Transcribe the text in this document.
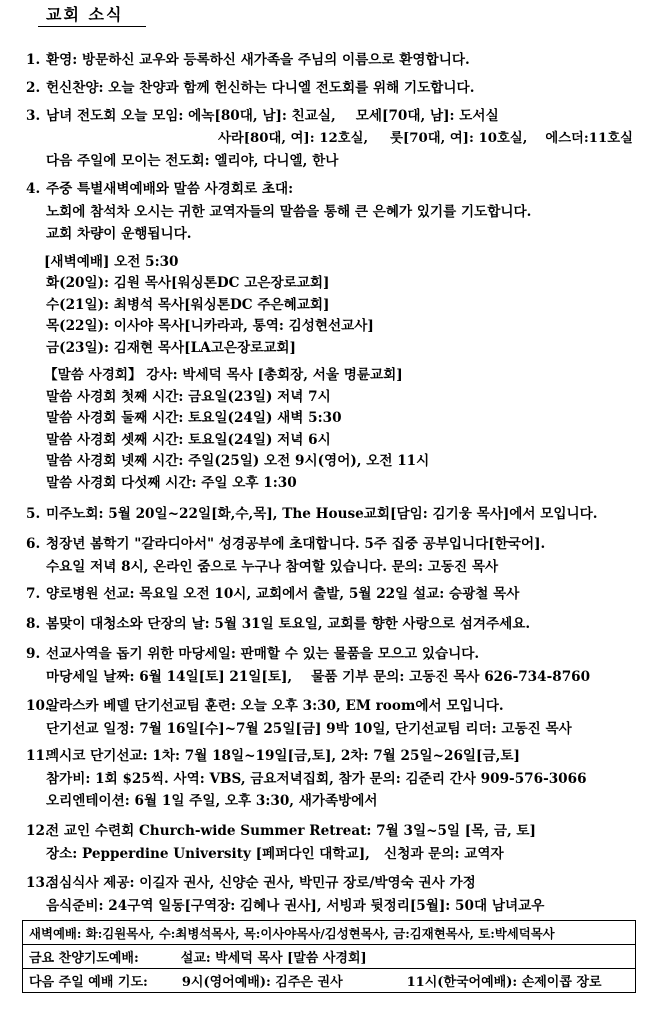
교회 소식
1. 환영: 방문하신 교우와 등록하신 새가족을 주님의 이름으로 환영합니다.
2. 헌신찬양: 오늘 찬양과 함께 헌신하는 다니엘 전도회를 위해 기도합니다.
3. 남녀 전도회 오늘 모임: 에녹[80대, 남]: 친교실, 모세[70대, 남]: 도서실
사라[80대, 여]: 12호실, 룻[70대, 여]: 10호실, 에스더:11호실
다음 주일에 모이는 전도회: 엘리야, 다니엘, 한나
4. 주중 특별새벽예배와 말씀 사경회로 초대:
노회에 참석차 오시는 귀한 교역자들의 말씀을 통해 큰 은혜가 있기를 기도합니다.
교회 차량이 운행됩니다.
[새벽예배] 오전 5:30
화(20일): 김원 목사[워싱톤DC 고은장로교회]
수(21일): 최병석 목사[워싱톤DC 주은혜교회]
목(22일): 이사야 목사[니카라과, 통역: 김성현선교사]
금(23일): 김재현 목사[LA고은장로교회]
【말씀 사경회】 강사: 박세덕 목사 [총회장, 서울 명륜교회]
말씀 사경회 첫째 시간: 금요일(23일) 저녁 7시
말씀 사경회 둘째 시간: 토요일(24일) 새벽 5:30
말씀 사경회 셋째 시간: 토요일(24일) 저녁 6시
말씀 사경회 넷째 시간: 주일(25일) 오전 9시(영어), 오전 11시
말씀 사경회 다섯째 시간: 주일 오후 1:30
5. 미주노회: 5월 20일~22일[화,수,목], The House교회[담임: 김기웅 목사]에서 모입니다.
6. 청장년 봄학기 "갈라디아서" 성경공부에 초대합니다. 5주 집중 공부입니다[한국어].
수요일 저녁 8시, 온라인 줌으로 누구나 참여할 있습니다. 문의: 고동진 목사
7. 양로병원 선교: 목요일 오전 10시, 교회에서 출발, 5월 22일 설교: 승광철 목사
8. 봄맞이 대청소와 단장의 날: 5월 31일 토요일, 교회를 향한 사랑으로 섬겨주세요.
9. 선교사역을 돕기 위한 마당세일: 판매할 수 있는 물품을 모으고 있습니다.
마당세일 날짜: 6월 14일[토] 21일[토],    물품 기부 문의: 고동진 목사 626-734-8760
10.알라스카 베델 단기선교팀 훈련: 오늘 오후 3:30, EM room에서 모입니다.
단기선교 일정: 7월 16일[수]~7월 25일[금] 9박 10일, 단기선교팀 리더: 고동진 목사
11.멕시코 단기선교: 1차: 7월 18일~19일[금,토], 2차: 7월 25일~26일[금,토]
참가비: 1회 $25씩. 사역: VBS, 금요저녁집회, 참가 문의: 김준리 간사 909-576-3066
오리엔테이션: 6월 1일 주일, 오후 3:30, 새가족방에서
12.전 교인 수련회 Church-wide Summer Retreat: 7월 3일~5일 [목, 금, 토]
장소: Pepperdine University [페퍼다인 대학교],   신청과 문의: 교역자
13.점심식사 제공: 이길자 권사, 신양순 권사, 박민규 장로/박영숙 권사 가정
음식준비: 24구역 일동[구역장: 김혜나 권사], 서빙과 뒷정리[5월]: 50대 남녀교우
새벽예배: 화:김원목사, 수:최병석목사, 목:이사야목사/김성현목사, 금:김재현목사, 토:박세덕목사
금요 찬양기도예배:	설교: 박세덕 목사 [말씀 사경회]
다음 주일 예배 기도:	9시(영어예배): 김주은 권사	11시(한국어예배): 손제이콥 장로
